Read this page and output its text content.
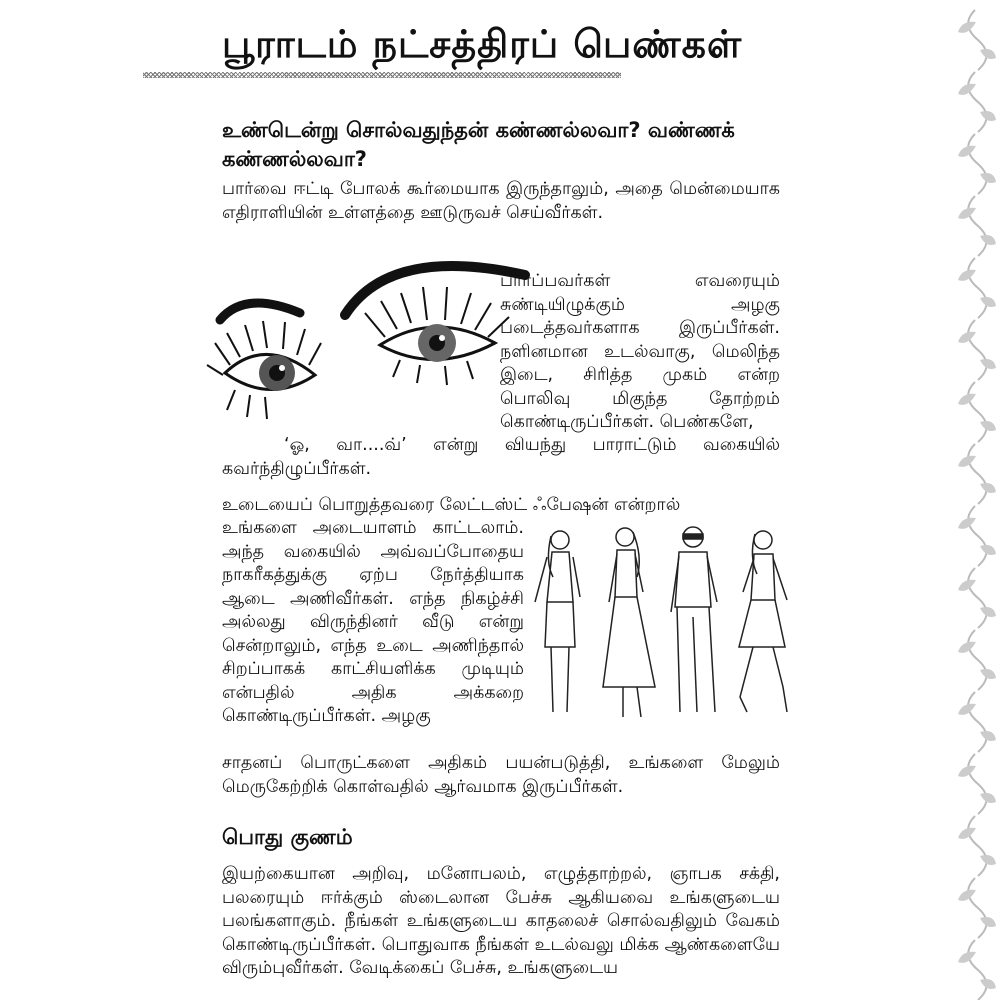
பூராடம் நட்சத்திரப் பெண்கள்
உண்டென்று சொல்வதுந்தன் கண்ணல்லவா? வண்ணக் கண்ணல்லவா?
பார்வை ஈட்டி போலக் கூர்மையாக இருந்தாலும், அதை மென்மையாக எதிராளியின் உள்ளத்தை ஊடுருவச் செய்வீர்கள்.
பார்ப்பவர்கள் எவரையும் சுண்டியிழுக்கும் அழகு படைத்தவர்களாக இருப்பீர்கள். நளினமான உடல்வாகு, மெலிந்த இடை, சிரித்த முகம் என்ற பொலிவு மிகுந்த தோற்றம் கொண்டிருப்பீர்கள். பெண்களே,
‘ஓ, வா....வ்’ என்று வியந்து பாராட்டும் வகையில் கவர்ந்திழுப்பீர்கள்.
உடையைப் பொறுத்தவரை லேட்டஸ்ட் ஃபேஷன் என்றால்
உங்களை அடையாளம் காட்டலாம். அந்த வகையில் அவ்வப்போதைய நாகரீகத்துக்கு ஏற்ப நேர்த்தியாக ஆடை அணிவீர்கள். எந்த நிகழ்ச்சி அல்லது விருந்தினர் வீடு என்று சென்றாலும், எந்த உடை அணிந்தால் சிறப்பாகக் காட்சியளிக்க முடியும் என்பதில் அதிக அக்கறை கொண்டிருப்பீர்கள். அழகு
சாதனப் பொருட்களை அதிகம் பயன்படுத்தி, உங்களை மேலும் மெருகேற்றிக் கொள்வதில் ஆர்வமாக இருப்பீர்கள்.
பொது குணம்
இயற்கையான அறிவு, மனோபலம், எழுத்தாற்றல், ஞாபக சக்தி, பலரையும் ஈர்க்கும் ஸ்டைலான பேச்சு ஆகியவை உங்களுடைய பலங்களாகும். நீங்கள் உங்களுடைய காதலைச் சொல்வதிலும் வேகம் கொண்டிருப்பீர்கள். பொதுவாக நீங்கள் உடல்வலு மிக்க ஆண்களையே விரும்புவீர்கள். வேடிக்கைப் பேச்சு, உங்களுடைய
